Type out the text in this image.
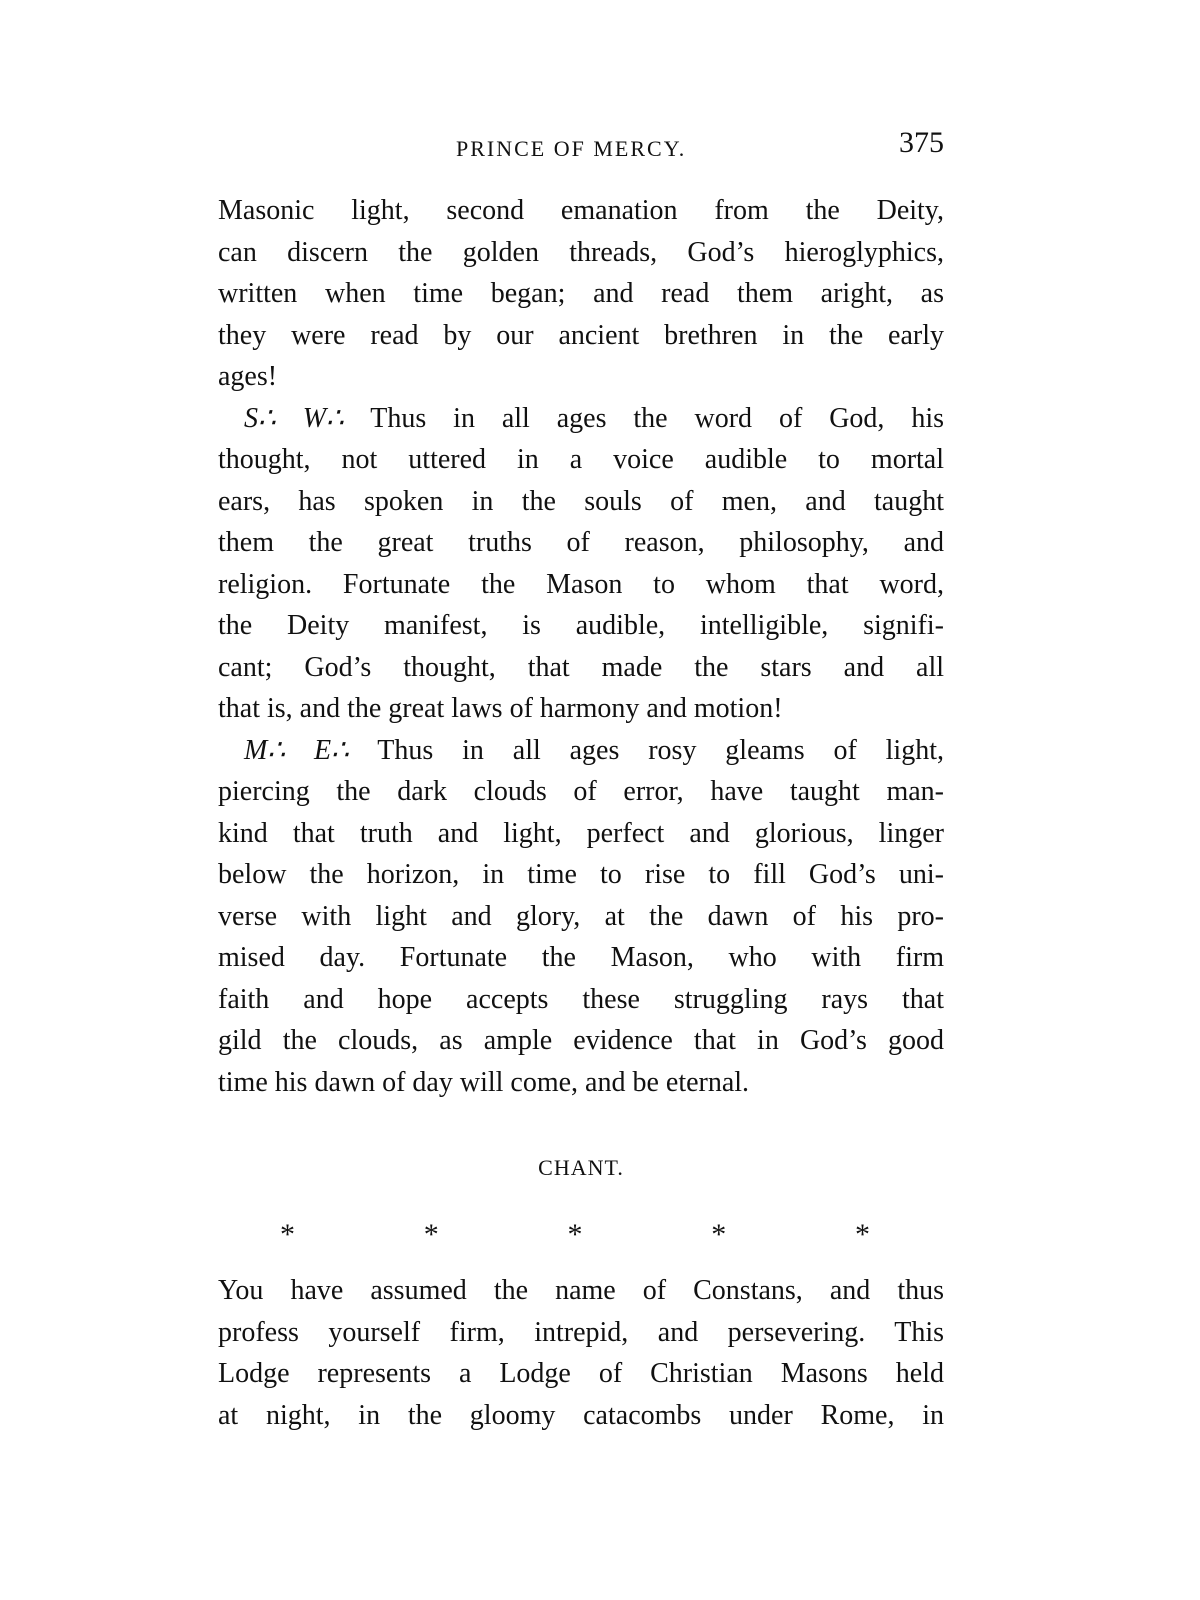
PRINCE OF MERCY.	375
Masonic light, second emanation from the Deity,
can discern the golden threads, God’s hieroglyphics,
written when time began; and read them aright, as
they were read by our ancient brethren in the early
ages!
S∴ W∴ Thus in all ages the word of God, his
thought, not uttered in a voice audible to mortal
ears, has spoken in the souls of men, and taught
them the great truths of reason, philosophy, and
religion. Fortunate the Mason to whom that word,
the Deity manifest, is audible, intelligible, signifi-
cant; God’s thought, that made the stars and all
that is, and the great laws of harmony and motion!
M∴ E∴ Thus in all ages rosy gleams of light,
piercing the dark clouds of error, have taught man-
kind that truth and light, perfect and glorious, linger
below the horizon, in time to rise to fill God’s uni-
verse with light and glory, at the dawn of his pro-
mised day. Fortunate the Mason, who with firm
faith and hope accepts these struggling rays that
gild the clouds, as ample evidence that in God’s good
time his dawn of day will come, and be eternal.
CHANT.
*	*	*	*	*
You have assumed the name of Constans, and thus
profess yourself firm, intrepid, and persevering. This
Lodge represents a Lodge of Christian Masons held
at night, in the gloomy catacombs under Rome, in
